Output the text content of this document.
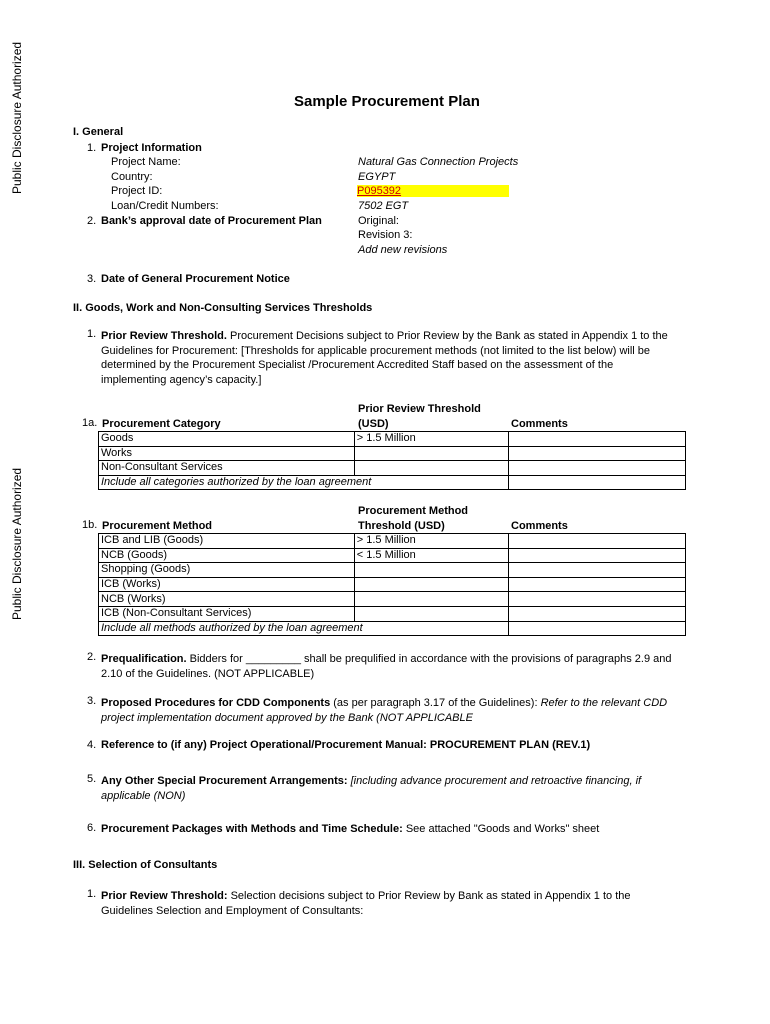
Public Disclosure Authorized
Public Disclosure Authorized
Sample Procurement Plan
I. General
1. Project Information
Project Name:	Natural Gas Connection Projects
Country:	EGYPT
Project ID:	P095392
Loan/Credit Numbers:	7502 EGT
2. Bank’s approval date of Procurement Plan	Original:
Revision 3:
Add new revisions
3. Date of General Procurement Notice
II. Goods, Work and Non-Consulting Services Thresholds
1. Prior Review Threshold. Procurement Decisions subject to Prior Review by the Bank as stated in Appendix 1 to the Guidelines for Procurement: [Thresholds for applicable procurement methods (not limited to the list below) will be determined by the Procurement Specialist /Procurement Accredited Staff based on the assessment of the implementing agency’s capacity.]
Prior Review Threshold
1a. Procurement Category	(USD)	Comments
Goods	> 1.5 Million	
Works		
Non-Consultant Services		
Include all categories authorized by the loan agreement		
Procurement Method
1b. Procurement Method	Threshold (USD)	Comments
ICB and LIB (Goods)	> 1.5 Million	
NCB (Goods)	< 1.5 Million	
Shopping (Goods)		
ICB (Works)		
NCB (Works)		
ICB (Non-Consultant Services)		
Include all methods authorized by the loan agreement		
2. Prequalification. Bidders for _________ shall be prequlified in accordance with the provisions of paragraphs 2.9 and 2.10 of the Guidelines. (NOT APPLICABLE)
3. Proposed Procedures for CDD Components (as per paragraph 3.17 of the Guidelines): Refer to the relevant CDD project implementation document approved by the Bank (NOT APPLICABLE
4. Reference to (if any) Project Operational/Procurement Manual: PROCUREMENT PLAN (REV.1)
5. Any Other Special Procurement Arrangements: [including advance procurement and retroactive financing, if applicable (NON)
6. Procurement Packages with Methods and Time Schedule: See attached "Goods and Works" sheet
III. Selection of Consultants
1. Prior Review Threshold: Selection decisions subject to Prior Review by Bank as stated in Appendix 1 to the Guidelines Selection and Employment of Consultants:
